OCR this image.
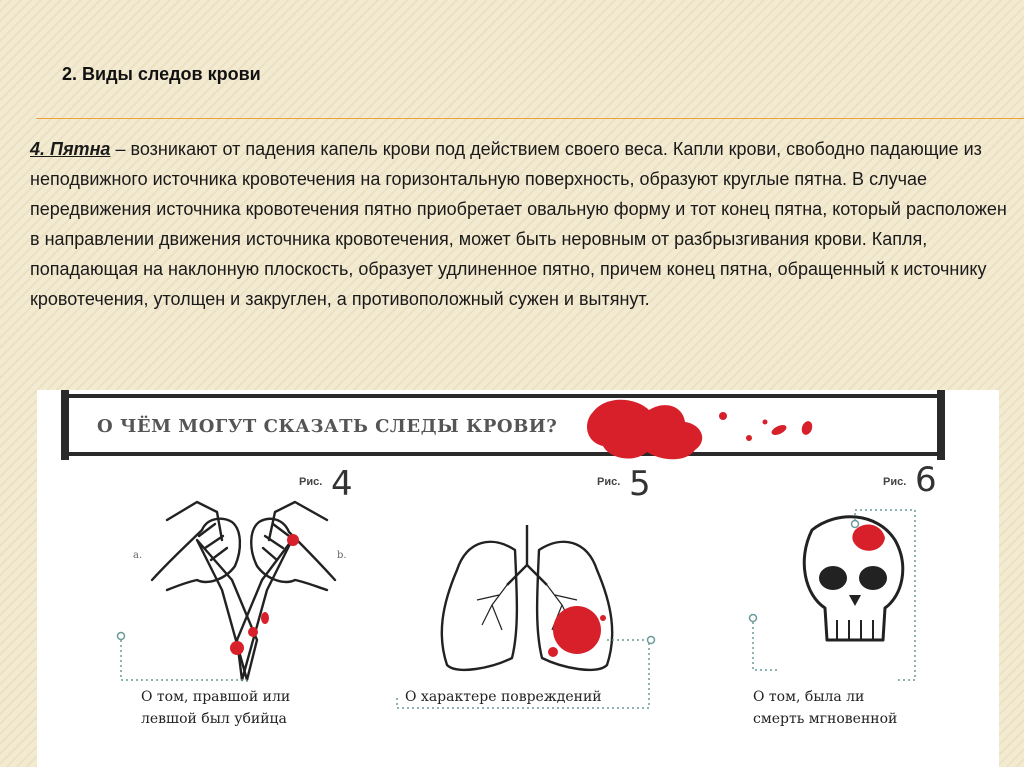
2. Виды следов крови
4. Пятна – возникают от падения капель крови под действием своего веса. Капли крови, свободно падающие из неподвижного источника кровотечения на горизонтальную поверхность, образуют круглые пятна. В случае передвижения источника кровотечения пятно приобретает овальную форму и тот конец пятна, который расположен в направлении движения источника кровотечения, может быть неровным от разбрызгивания крови. Капля, попадающая на наклонную плоскость, образует удлиненное пятно, причем конец пятна, обращенный к источнику кровотечения, утолщен и закруглен, а противоположный сужен и вытянут.
О ЧЁМ МОГУТ СКАЗАТЬ СЛЕДЫ КРОВИ?
Рис. 4
a.	b.
О том, правшой или
левшой был убийца
Рис. 5
О характере повреждений
Рис. 6
О том, была ли
смерть мгновенной
